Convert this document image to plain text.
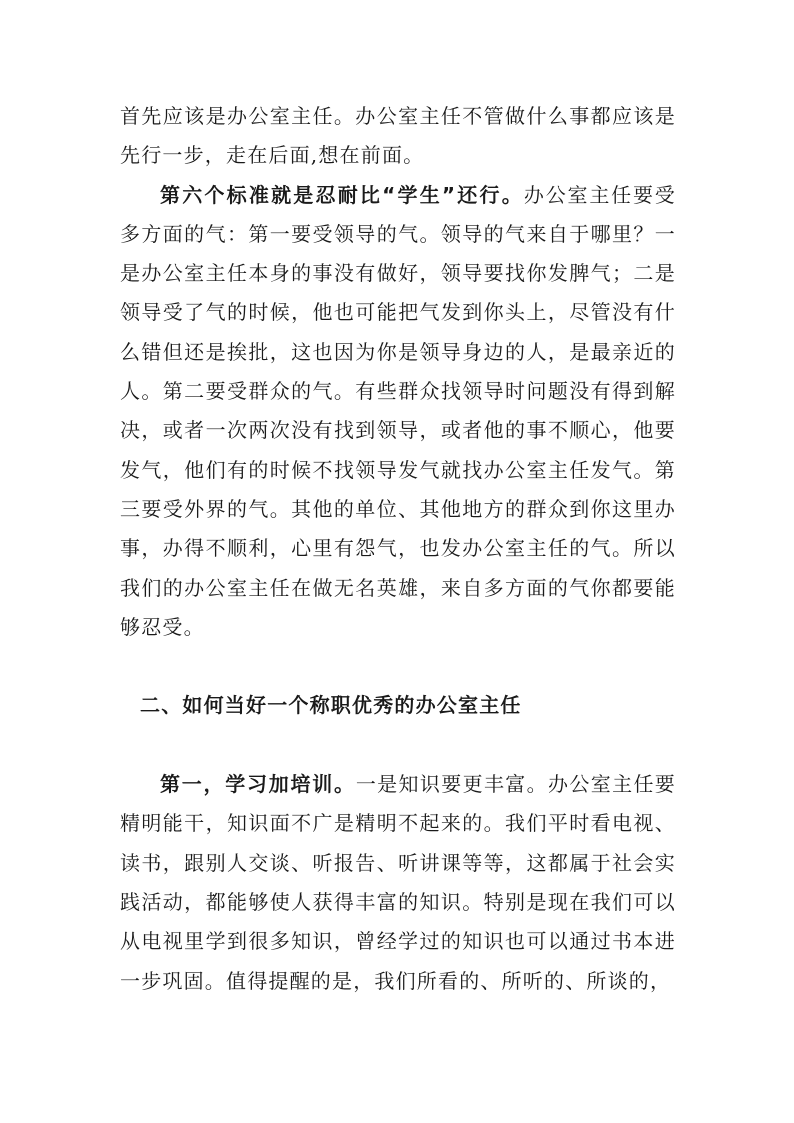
首先应该是办公室主任。办公室主任不管做什么事都应该是先行一步，走在后面,想在前面。

第六个标准就是忍耐比“学生”还行。办公室主任要受多方面的气：第一要受领导的气。领导的气来自于哪里？一是办公室主任本身的事没有做好，领导要找你发脾气；二是领导受了气的时候，他也可能把气发到你头上，尽管没有什么错但还是挨批，这也因为你是领导身边的人，是最亲近的人。第二要受群众的气。有些群众找领导时问题没有得到解决，或者一次两次没有找到领导，或者他的事不顺心，他要发气，他们有的时候不找领导发气就找办公室主任发气。第三要受外界的气。其他的单位、其他地方的群众到你这里办事，办得不顺利，心里有怨气，也发办公室主任的气。所以我们的办公室主任在做无名英雄，来自多方面的气你都要能够忍受。

二、如何当好一个称职优秀的办公室主任

第一，学习加培训。一是知识要更丰富。办公室主任要精明能干，知识面不广是精明不起来的。我们平时看电视、读书，跟别人交谈、听报告、听讲课等等，这都属于社会实践活动，都能够使人获得丰富的知识。特别是现在我们可以从电视里学到很多知识，曾经学过的知识也可以通过书本进一步巩固。值得提醒的是，我们所看的、所听的、所谈的，
